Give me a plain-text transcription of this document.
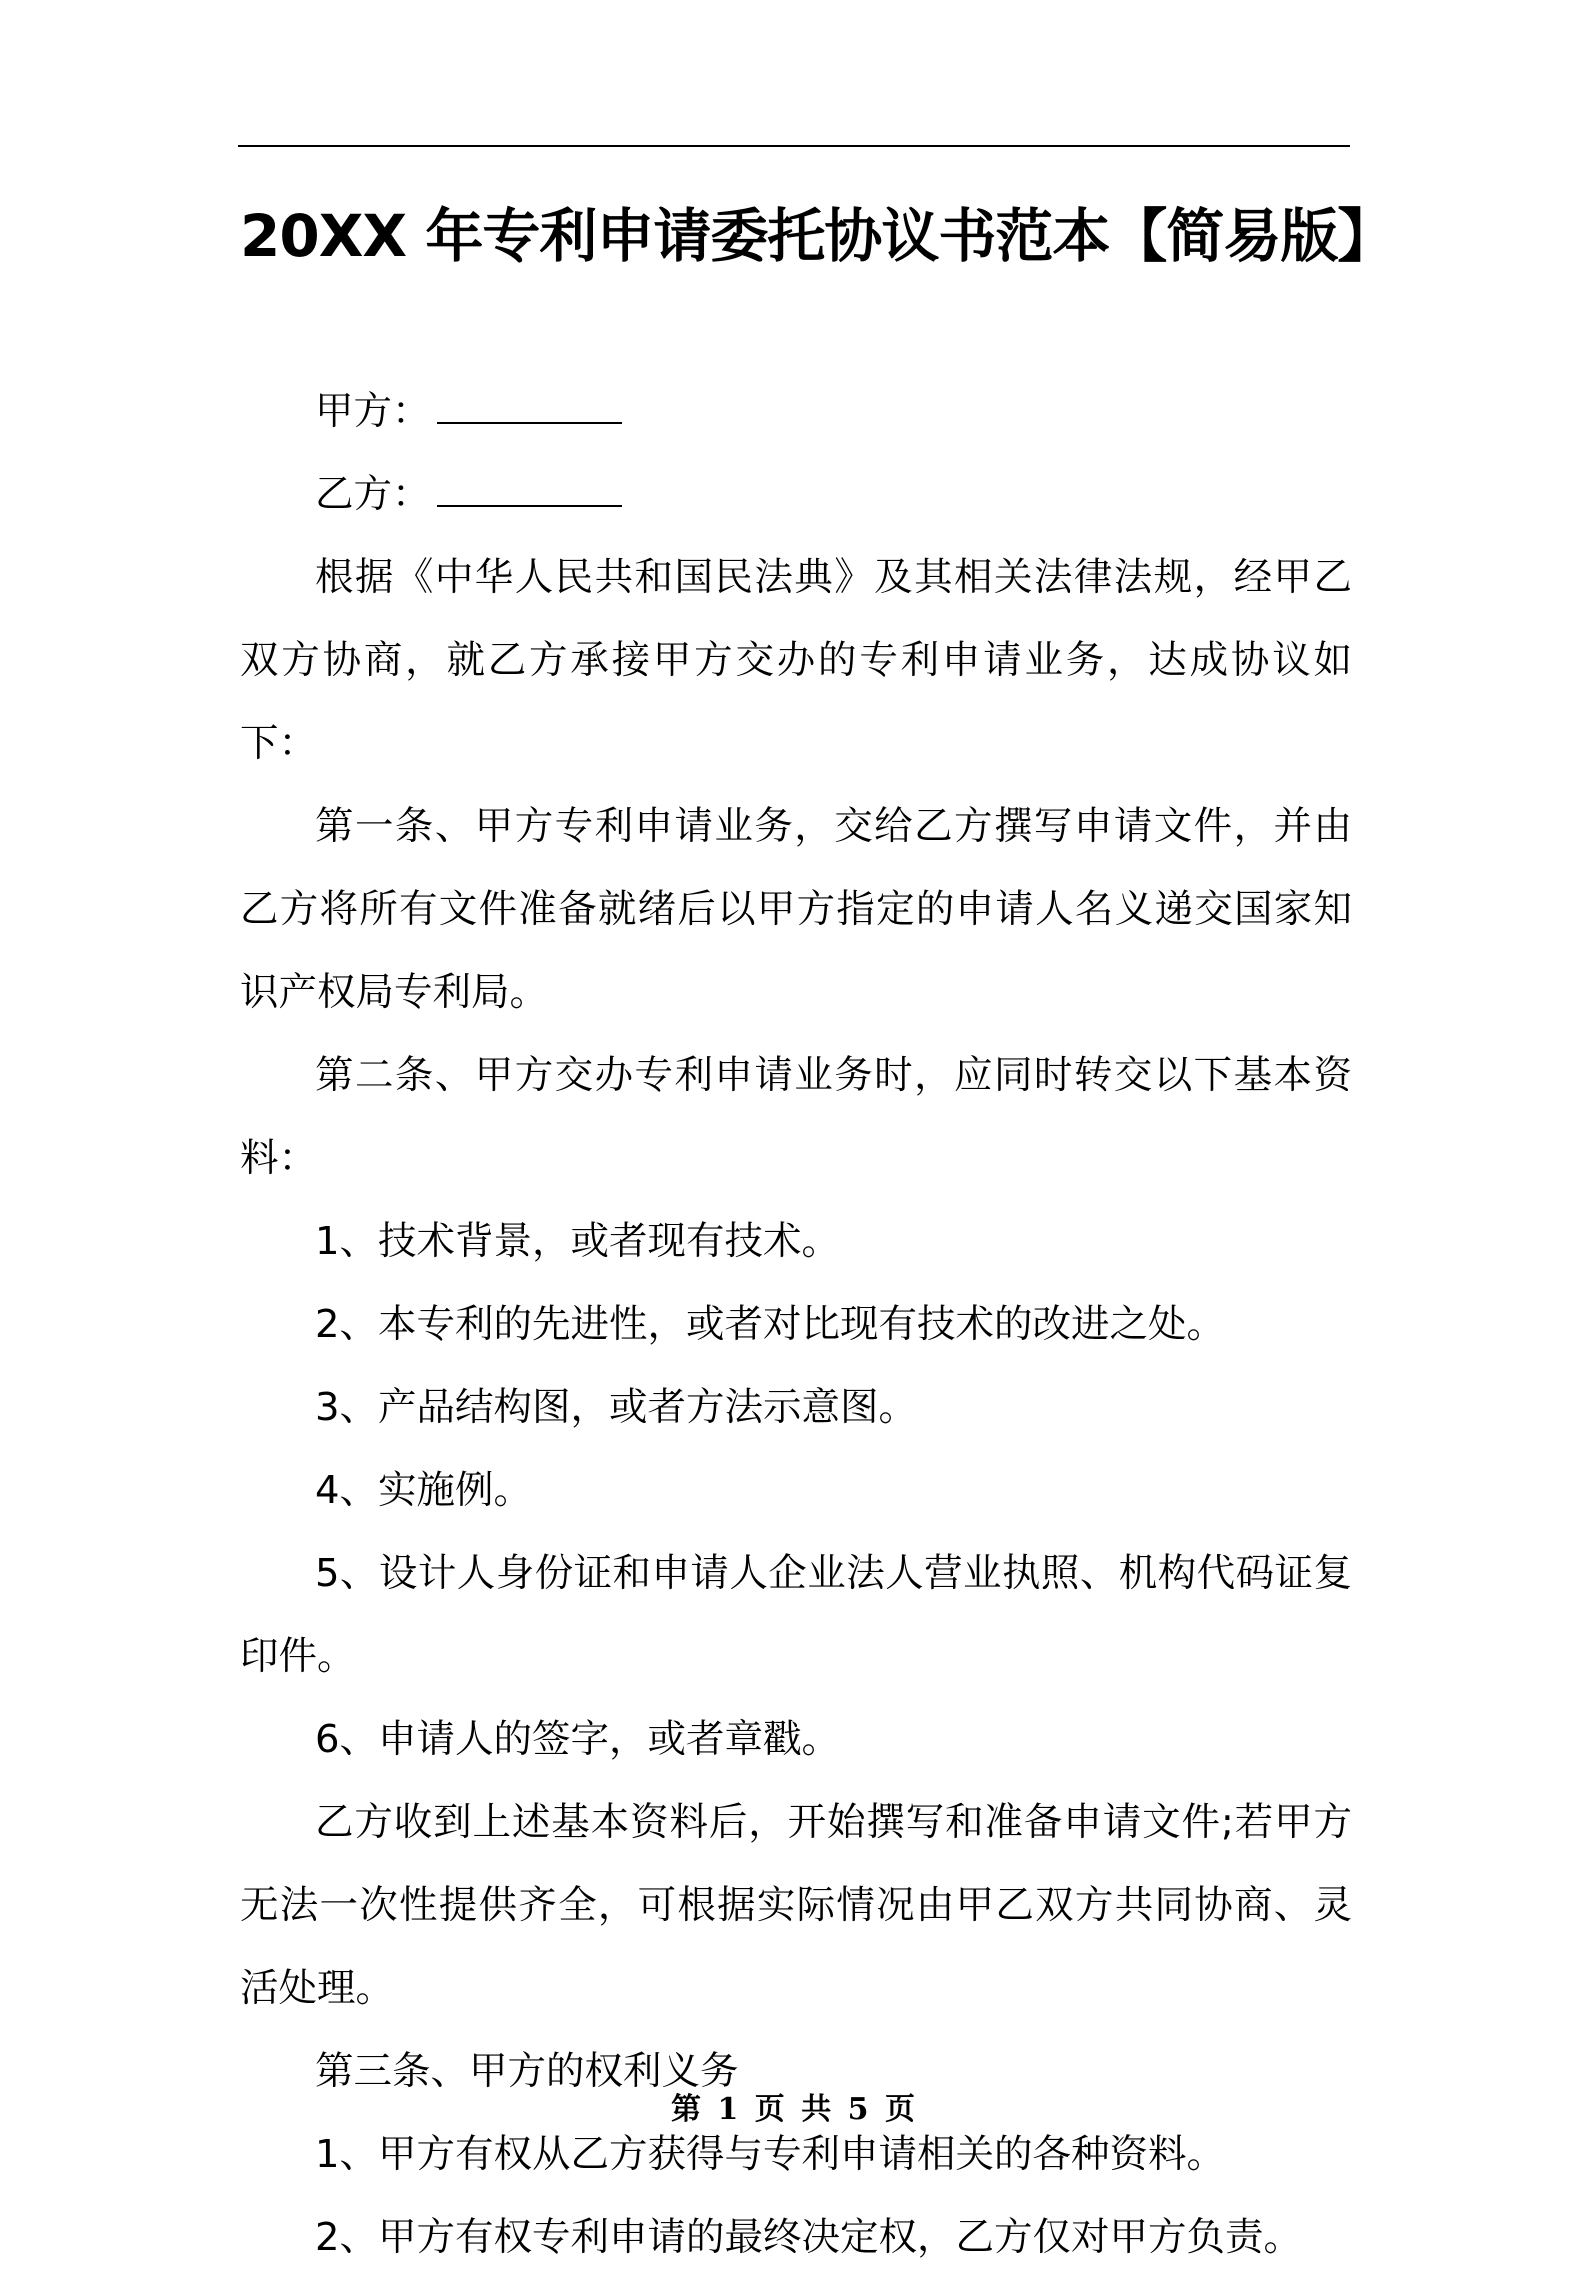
20XX 年专利申请委托协议书范本【简易版】

甲方：

乙方：

根据《中华人民共和国民法典》及其相关法律法规，经甲乙双方协商，就乙方承接甲方交办的专利申请业务，达成协议如下：

第一条、甲方专利申请业务，交给乙方撰写申请文件，并由乙方将所有文件准备就绪后以甲方指定的申请人名义递交国家知识产权局专利局。

第二条、甲方交办专利申请业务时，应同时转交以下基本资料：

1、技术背景，或者现有技术。

2、本专利的先进性，或者对比现有技术的改进之处。

3、产品结构图，或者方法示意图。

4、实施例。

5、设计人身份证和申请人企业法人营业执照、机构代码证复印件。

6、申请人的签字，或者章戳。

乙方收到上述基本资料后，开始撰写和准备申请文件;若甲方无法一次性提供齐全，可根据实际情况由甲乙双方共同协商、灵活处理。

第三条、甲方的权利义务

1、甲方有权从乙方获得与专利申请相关的各种资料。

2、甲方有权专利申请的最终决定权，乙方仅对甲方负责。

第 1 页 共 5 页
